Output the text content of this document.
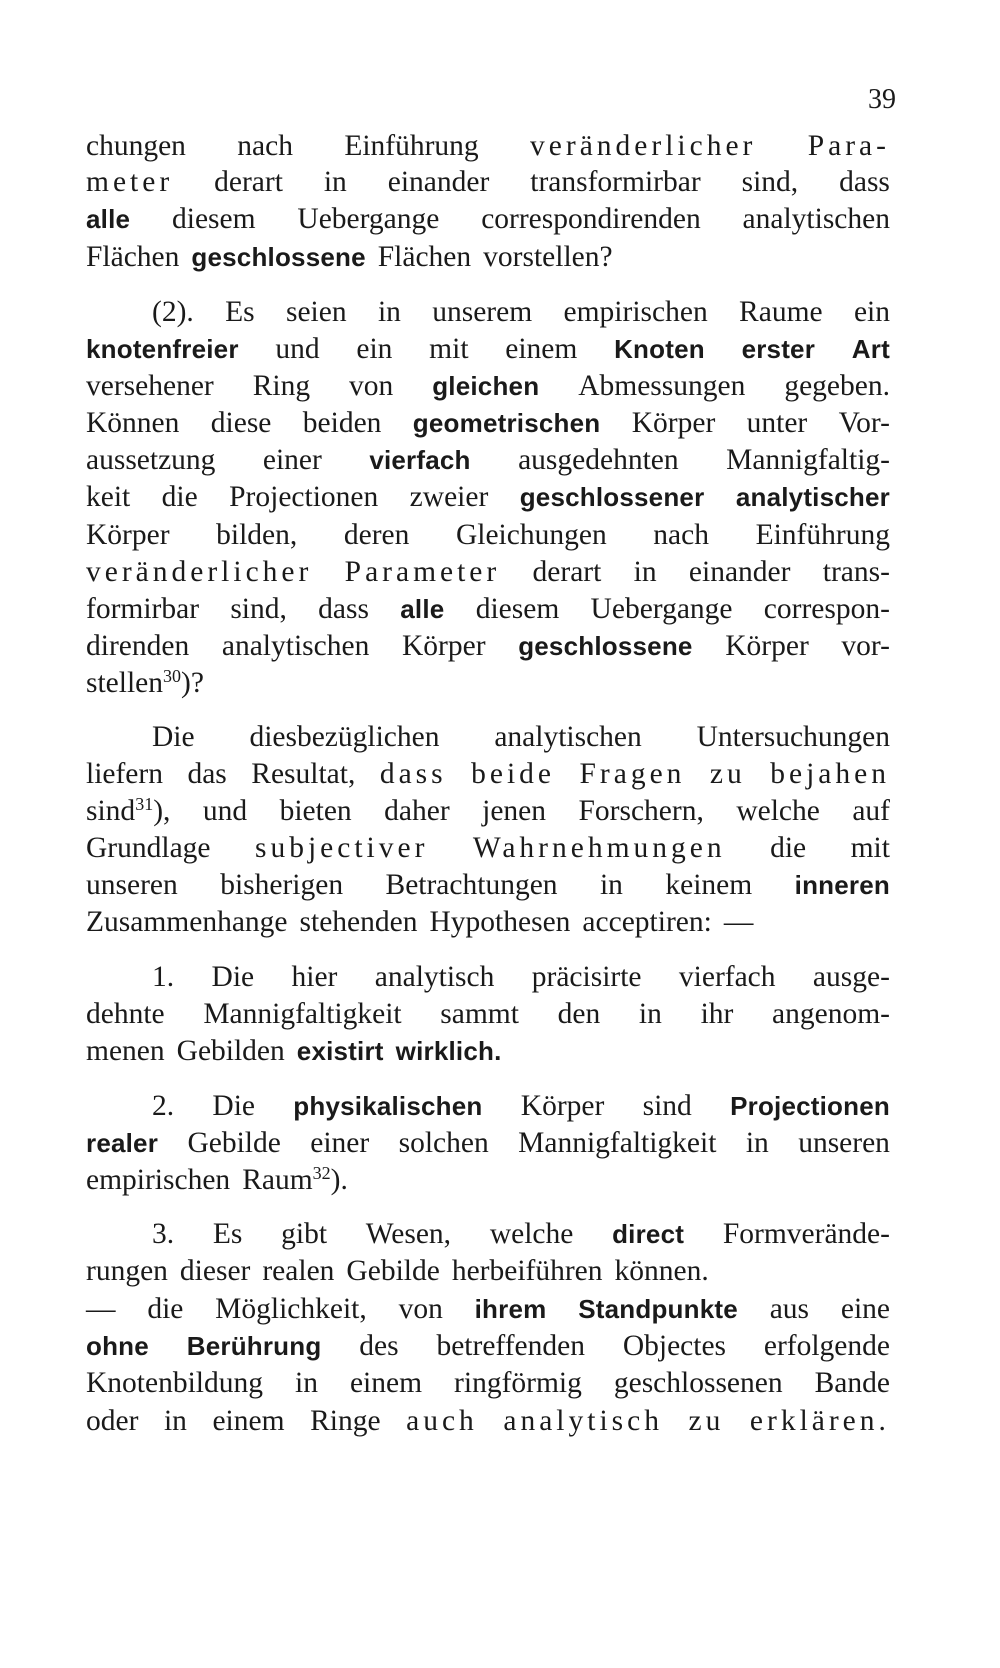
39
chungen nach Einführung veränderlicher Para-
meter derart in einander transformirbar sind, dass
alle diesem Uebergange correspondirenden analytischen
Flächen geschlossene Flächen vorstellen?
(2). Es seien in unserem empirischen Raume ein
knotenfreier und ein mit einem Knoten erster Art
versehener Ring von gleichen Abmessungen gegeben.
Können diese beiden geometrischen Körper unter Vor-
aussetzung einer vierfach ausgedehnten Mannigfaltig-
keit die Projectionen zweier geschlossener analytischer
Körper bilden, deren Gleichungen nach Einführung
veränderlicher Parameter derart in einander trans-
formirbar sind, dass alle diesem Uebergange correspon-
direnden analytischen Körper geschlossene Körper vor-
stellen$^{30}$)?
Die diesbezüglichen analytischen Untersuchungen
liefern das Resultat, dass beide Fragen zu bejahen
sind$^{31}$), und bieten daher jenen Forschern, welche auf
Grundlage subjectiver Wahrnehmungen die mit
unseren bisherigen Betrachtungen in keinem inneren
Zusammenhange stehenden Hypothesen acceptiren: —
1. Die hier analytisch präcisirte vierfach ausge-
dehnte Mannigfaltigkeit sammt den in ihr angenom-
menen Gebilden existirt wirklich.
2. Die physikalischen Körper sind Projectionen
realer Gebilde einer solchen Mannigfaltigkeit in unseren
empirischen Raum$^{32}$).
3. Es gibt Wesen, welche direct Formverände-
rungen dieser realen Gebilde herbeiführen können.
— die Möglichkeit, von ihrem Standpunkte aus eine
ohne Berührung des betreffenden Objectes erfolgende
Knotenbildung in einem ringförmig geschlossenen Bande
oder in einem Ringe auch analytisch zu erklären.
